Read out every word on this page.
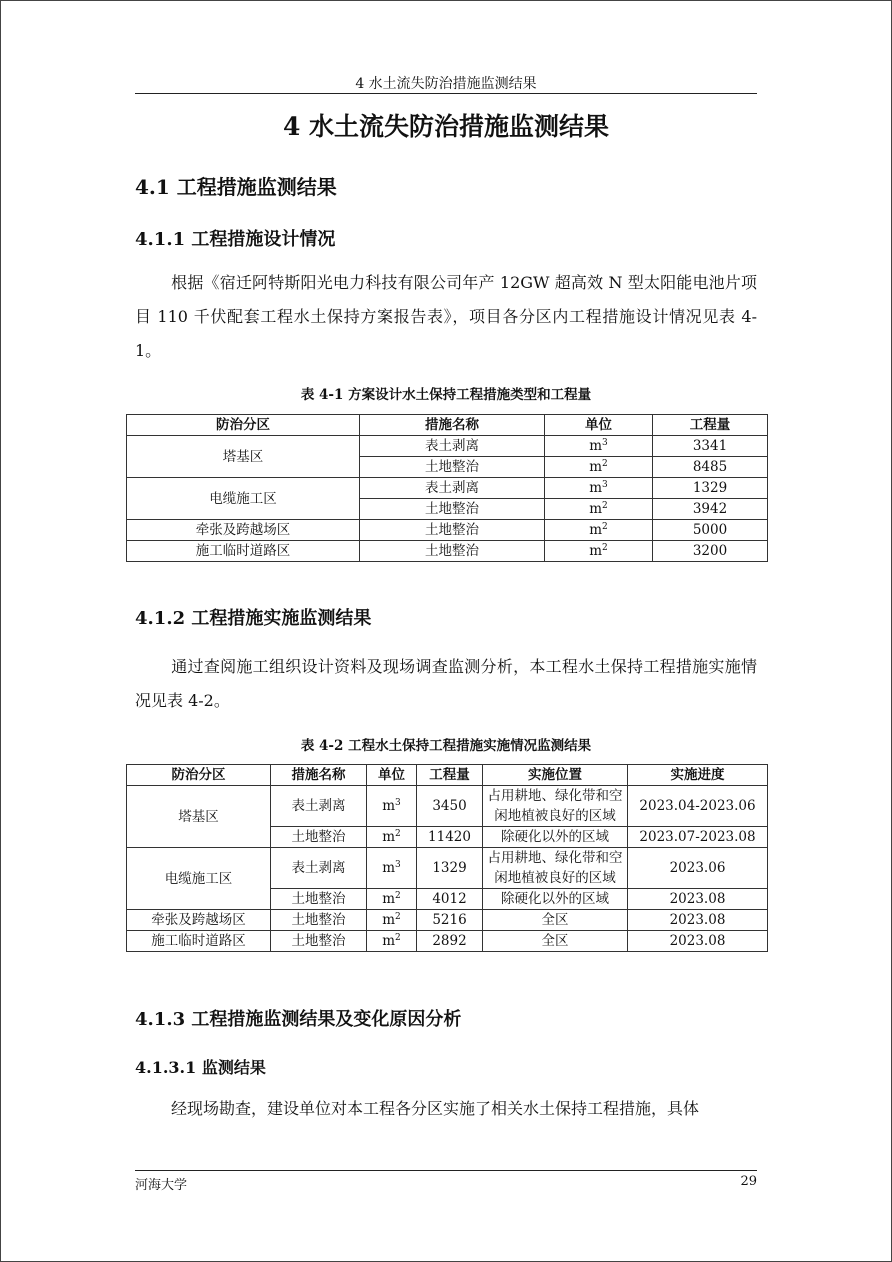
4 水土流失防治措施监测结果
4 水土流失防治措施监测结果
4.1 工程措施监测结果
4.1.1 工程措施设计情况
根据《宿迁阿特斯阳光电力科技有限公司年产 12GW 超高效 N 型太阳能电池片项目 110 千伏配套工程水土保持方案报告表》，项目各分区内工程措施设计情况见表 4-1。
表 4-1 方案设计水土保持工程措施类型和工程量
防治分区	措施名称	单位	工程量
塔基区	表土剥离	$m^3$	3341
	土地整治	$m^2$	8485
电缆施工区	表土剥离	$m^3$	1329
	土地整治	$m^2$	3942
牵张及跨越场区	土地整治	$m^2$	5000
施工临时道路区	土地整治	$m^2$	3200
4.1.2 工程措施实施监测结果
通过查阅施工组织设计资料及现场调查监测分析，本工程水土保持工程措施实施情况见表 4-2。
表 4-2 工程水土保持工程措施实施情况监测结果
防治分区	措施名称	单位	工程量	实施位置	实施进度
塔基区	表土剥离	$m^3$	3450	占用耕地、绿化带和空闲地植被良好的区域	2023.04-2023.06
	土地整治	$m^2$	11420	除硬化以外的区域	2023.07-2023.08
电缆施工区	表土剥离	$m^3$	1329	占用耕地、绿化带和空闲地植被良好的区域	2023.06
	土地整治	$m^2$	4012	除硬化以外的区域	2023.08
牵张及跨越场区	土地整治	$m^2$	5216	全区	2023.08
施工临时道路区	土地整治	$m^2$	2892	全区	2023.08
4.1.3 工程措施监测结果及变化原因分析
4.1.3.1 监测结果
经现场勘查，建设单位对本工程各分区实施了相关水土保持工程措施，具体
河海大学	29
